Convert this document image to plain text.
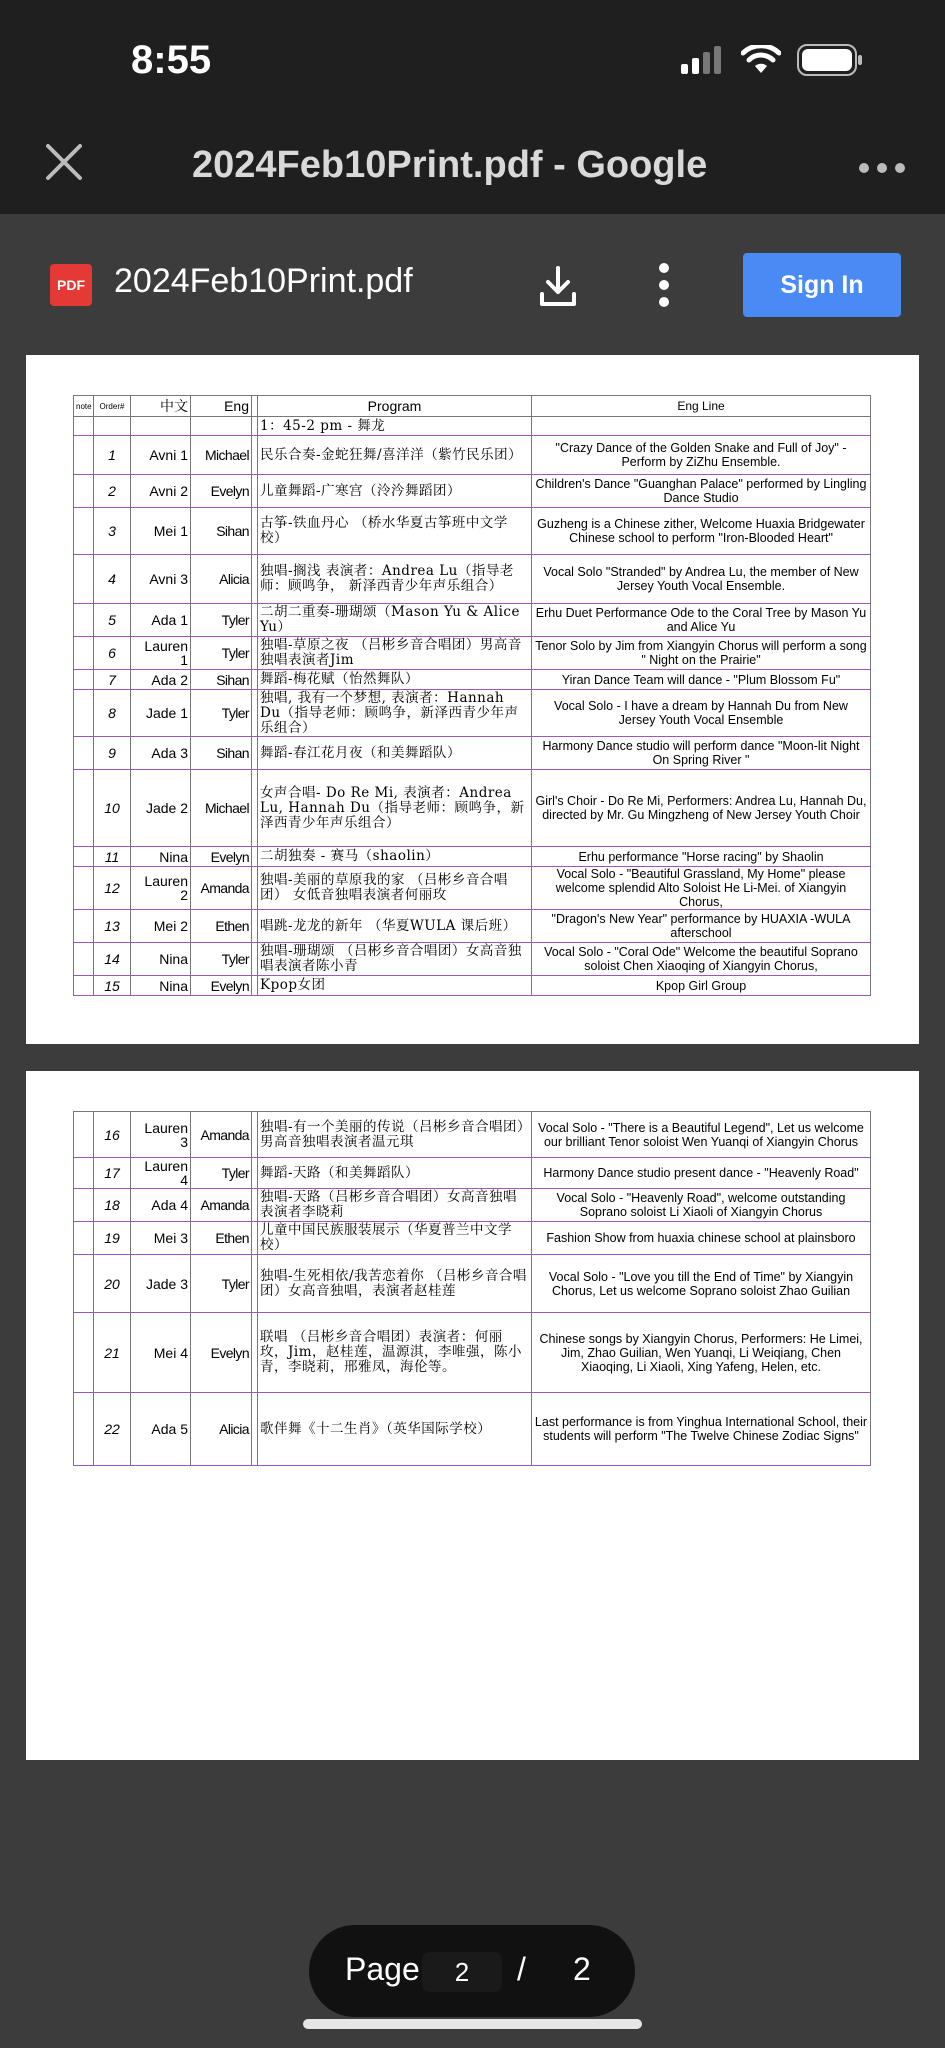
8:55
2024Feb10Print.pdf - Google
PDF 2024Feb10Print.pdf	Sign In
note	Order#	中文	Eng		Program	Eng Line
					1：45-2 pm - 舞龙	
	1	Avni 1	Michael		民乐合奏-金蛇狂舞/喜洋洋（紫竹民乐团）	"Crazy Dance of the Golden Snake and Full of Joy" - Perform by ZiZhu Ensemble.
	2	Avni 2	Evelyn		儿童舞蹈-广寒宫（泠汵舞蹈团）	Children's Dance "Guanghan Palace" performed by Lingling Dance Studio
	3	Mei 1	Sihan		古筝-铁血丹心 （桥水华夏古筝班中文学校）	Guzheng is a Chinese zither, Welcome Huaxia Bridgewater Chinese school to perform "Iron-Blooded Heart"
	4	Avni 3	Alicia		独唱-搁浅 表演者：Andrea Lu（指导老师：顾鸣争， 新泽西青少年声乐组合）	Vocal Solo "Stranded" by Andrea Lu, the member of New Jersey Youth Vocal Ensemble.
	5	Ada 1	Tyler		二胡二重奏-珊瑚颂（Mason Yu & Alice Yu）	Erhu Duet Performance Ode to the Coral Tree by Mason Yu and Alice Yu
	6	Lauren 1	Tyler		独唱-草原之夜 （吕彬乡音合唱团）男高音独唱表演者Jim	Tenor Solo by Jim from Xiangyin Chorus will perform a song " Night on the Prairie"
	7	Ada 2	Sihan		舞蹈-梅花赋（怡然舞队）	Yiran Dance Team will dance - "Plum Blossom Fu"
	8	Jade 1	Tyler		独唱, 我有一个梦想, 表演者：Hannah Du（指导老师：顾鸣争，新泽西青少年声乐组合）	Vocal Solo - I have a dream by Hannah Du from New Jersey Youth Vocal Ensemble
	9	Ada 3	Sihan		舞蹈-春江花月夜（和美舞蹈队）	Harmony Dance studio will perform dance "Moon-lit Night On Spring River "
	10	Jade 2	Michael		女声合唱- Do Re Mi, 表演者：Andrea Lu, Hannah Du（指导老师：顾鸣争，新泽西青少年声乐组合）	Girl's Choir - Do Re Mi, Performers: Andrea Lu, Hannah Du, directed by Mr. Gu Mingzheng of New Jersey Youth Choir
	11	Nina	Evelyn		二胡独奏 - 赛马（shaolin）	Erhu performance "Horse racing" by Shaolin
	12	Lauren 2	Amanda		独唱-美丽的草原我的家 （吕彬乡音合唱团） 女低音独唱表演者何丽玫	Vocal Solo - "Beautiful Grassland, My Home" please welcome splendid Alto Soloist He Li-Mei. of Xiangyin Chorus,
	13	Mei 2	Ethen		唱跳-龙龙的新年 （华夏WULA 课后班）	"Dragon's New Year" performance by HUAXIA -WULA afterschool
	14	Nina	Tyler		独唱-珊瑚颂 （吕彬乡音合唱团）女高音独唱表演者陈小青	Vocal Solo - "Coral Ode" Welcome the beautiful Soprano soloist Chen Xiaoqing of Xiangyin Chorus,
	15	Nina	Evelyn		Kpop女团	Kpop Girl Group
	16	Lauren 3	Amanda		独唱-有一个美丽的传说（吕彬乡音合唱团）男高音独唱表演者温元琪	Vocal Solo - "There is a Beautiful Legend", Let us welcome our brilliant Tenor soloist Wen Yuanqi of Xiangyin Chorus
	17	Lauren 4	Tyler		舞蹈-天路（和美舞蹈队）	Harmony Dance studio present dance - "Heavenly Road"
	18	Ada 4	Amanda		独唱-天路（吕彬乡音合唱团）女高音独唱表演者李晓莉	Vocal Solo - "Heavenly Road", welcome outstanding Soprano soloist Li Xiaoli of Xiangyin Chorus
	19	Mei 3	Ethen		儿童中国民族服装展示（华夏普兰中文学校）	Fashion Show from huaxia chinese school at plainsboro
	20	Jade 3	Tyler		独唱-生死相依/我苦恋着你 （吕彬乡音合唱团）女高音独唱，表演者赵桂莲	Vocal Solo - "Love you till the End of Time" by Xiangyin Chorus, Let us welcome Soprano soloist Zhao Guilian
	21	Mei 4	Evelyn		联唱 （吕彬乡音合唱团）表演者：何丽玫，Jim，赵桂莲，温源淇，李唯强，陈小青，李晓莉，邢雅凤，海伦等。	Chinese songs by Xiangyin Chorus, Performers: He Limei, Jim, Zhao Guilian, Wen Yuanqi, Li Weiqiang, Chen Xiaoqing, Li Xiaoli, Xing Yafeng, Helen, etc.
	22	Ada 5	Alicia		歌伴舞《十二生肖》（英华国际学校）	Last performance is from Yinghua International School, their students will perform "The Twelve Chinese Zodiac Signs"
Page	2	/ 2
